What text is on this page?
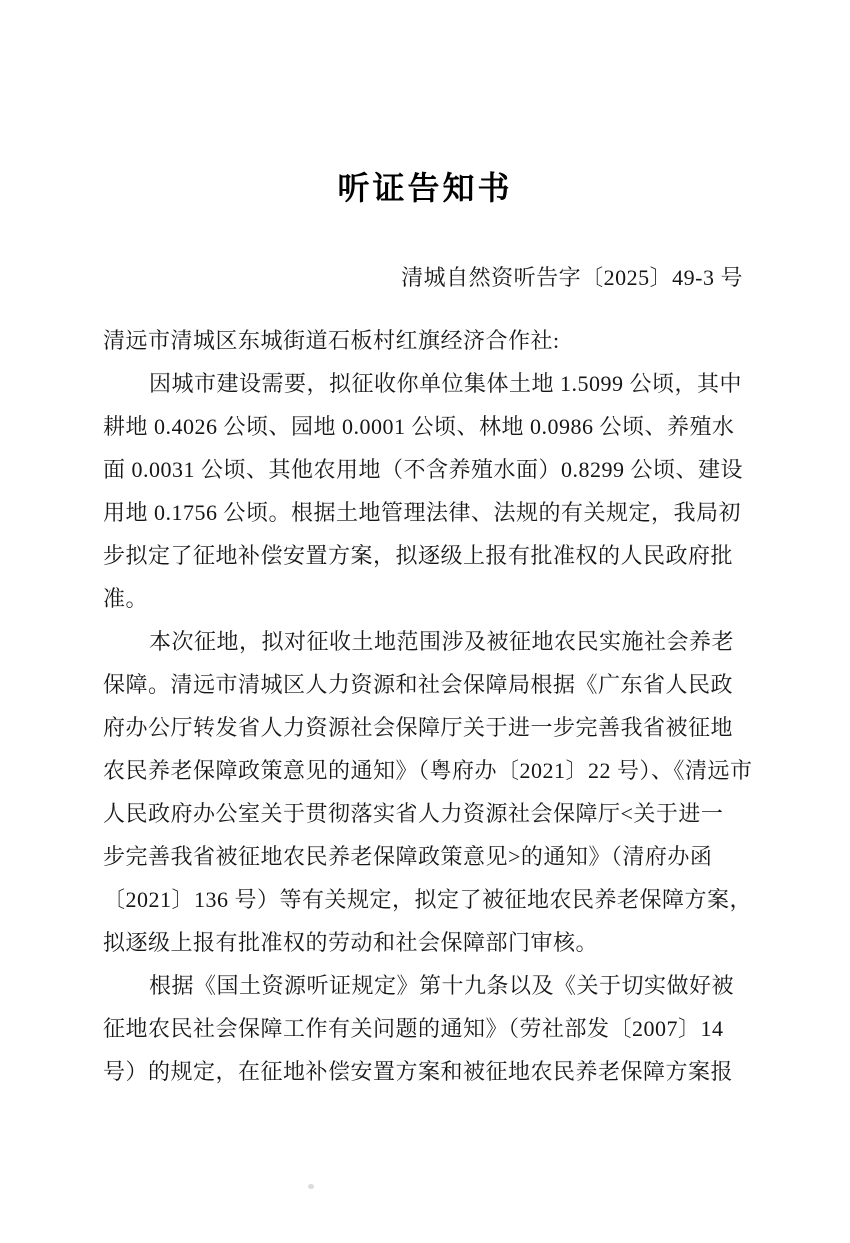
听证告知书
清城自然资听告字〔2025〕49-3 号
清远市清城区东城街道石板村红旗经济合作社:
因城市建设需要，拟征收你单位集体土地 1.5099 公顷，其中
耕地 0.4026 公顷、园地 0.0001 公顷、林地 0.0986 公顷、养殖水
面 0.0031 公顷、其他农用地（不含养殖水面）0.8299 公顷、建设
用地 0.1756 公顷。根据土地管理法律、法规的有关规定，我局初
步拟定了征地补偿安置方案，拟逐级上报有批准权的人民政府批
准。
本次征地，拟对征收土地范围涉及被征地农民实施社会养老
保障。清远市清城区人力资源和社会保障局根据《广东省人民政
府办公厅转发省人力资源社会保障厅关于进一步完善我省被征地
农民养老保障政策意见的通知》（粤府办〔2021〕22 号）、《清远市
人民政府办公室关于贯彻落实省人力资源社会保障厅<关于进一
步完善我省被征地农民养老保障政策意见>的通知》（清府办函
〔2021〕136 号）等有关规定，拟定了被征地农民养老保障方案，
拟逐级上报有批准权的劳动和社会保障部门审核。
根据《国土资源听证规定》第十九条以及《关于切实做好被
征地农民社会保障工作有关问题的通知》（劳社部发〔2007〕14
号）的规定，在征地补偿安置方案和被征地农民养老保障方案报
